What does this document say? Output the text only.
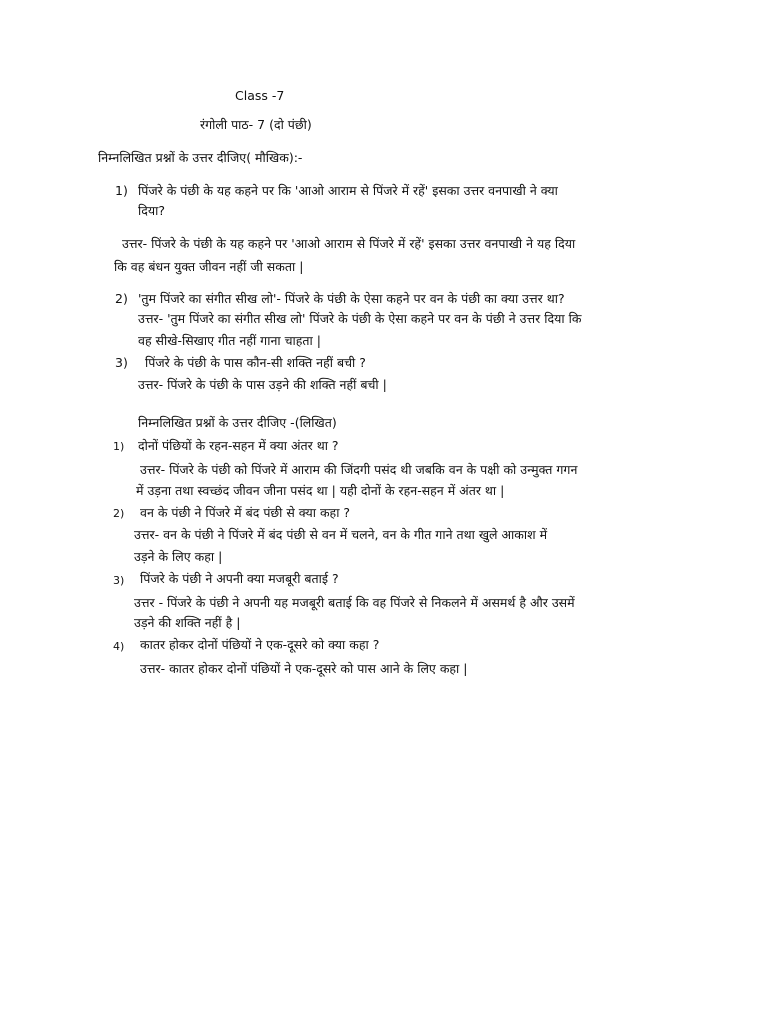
Class -7
रंगोली पाठ- 7 (दो पंछी)
निम्नलिखित प्रश्नों के उत्तर दीजिए( मौखिक):-
1) पिंजरे के पंछी के यह कहने पर कि 'आओ आराम से पिंजरे में रहें' इसका उत्तर वनपाखी ने क्या
दिया?
उत्तर- पिंजरे के पंछी के यह कहने पर 'आओ आराम से पिंजरे में रहें' इसका उत्तर वनपाखी ने यह दिया
कि वह बंधन युक्त जीवन नहीं जी सकता |
2) 'तुम पिंजरे का संगीत सीख लो'- पिंजरे के पंछी के ऐसा कहने पर वन के पंछी का क्या उत्तर था?
उत्तर- 'तुम पिंजरे का संगीत सीख लो' पिंजरे के पंछी के ऐसा कहने पर वन के पंछी ने उत्तर दिया कि
वह सीखे-सिखाए गीत नहीं गाना चाहता |
3) पिंजरे के पंछी के पास कौन-सी शक्ति नहीं बची ?
उत्तर- पिंजरे के पंछी के पास उड़ने की शक्ति नहीं बची |
निम्नलिखित प्रश्नों के उत्तर दीजिए -(लिखित)
1) दोनों पंछियों के रहन-सहन में क्या अंतर था ?
उत्तर- पिंजरे के पंछी को पिंजरे में आराम की जिंदगी पसंद थी जबकि वन के पक्षी को उन्मुक्त गगन
में उड़ना तथा स्वच्छंद जीवन जीना पसंद था | यही दोनों के रहन-सहन में अंतर था |
2) वन के पंछी ने पिंजरे में बंद पंछी से क्या कहा ?
उत्तर- वन के पंछी ने पिंजरे में बंद पंछी से वन में चलने, वन के गीत गाने तथा खुले आकाश में
उड़ने के लिए कहा |
3) पिंजरे के पंछी ने अपनी क्या मजबूरी बताई ?
उत्तर - पिंजरे के पंछी ने अपनी यह मजबूरी बताई कि वह पिंजरे से निकलने में असमर्थ है और उसमें
उड़ने की शक्ति नहीं है |
4) कातर होकर दोनों पंछियों ने एक-दूसरे को क्या कहा ?
उत्तर- कातर होकर दोनों पंछियों ने एक-दूसरे को पास आने के लिए कहा |
